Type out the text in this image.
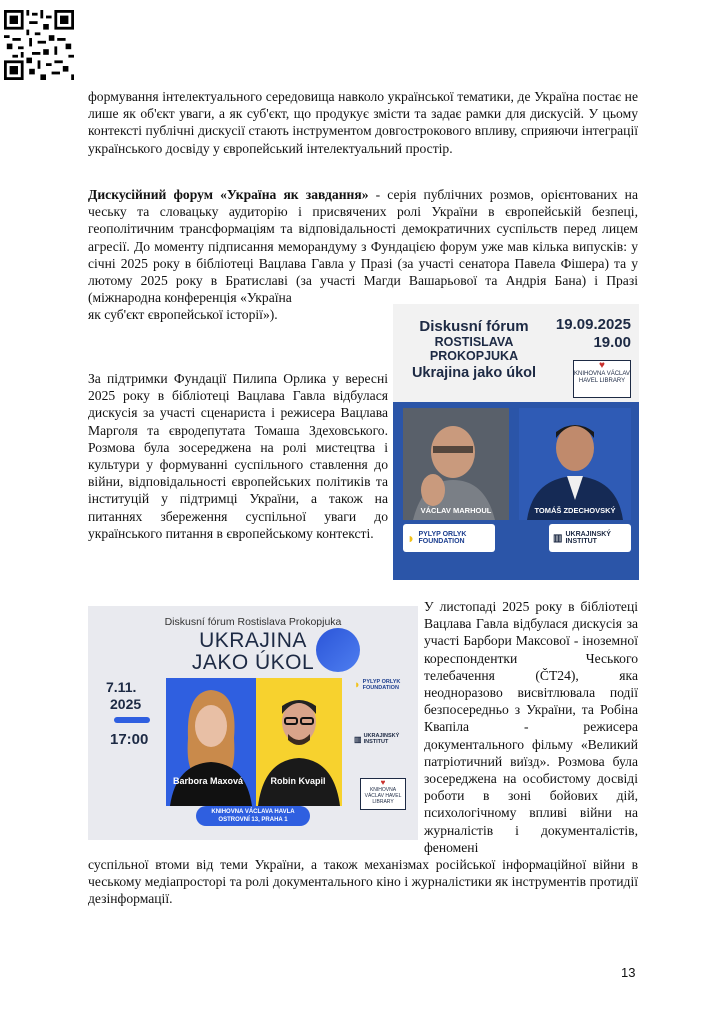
формування інтелектуального середовища навколо української тематики, де Україна постає не лише як об'єкт уваги, а як суб'єкт, що продукує змісти та задає рамки для дискусій. У цьому контексті публічні дискусії стають інструментом довгострокового впливу, сприяючи інтеграції українського досвіду у європейський інтелектуальний простір.

Дискусійний форум «Україна як завдання» - серія публічних розмов, орієнтованих на чеську та словацьку аудиторію і присвячених ролі України в європейській безпеці, геополітичним трансформаціям та відповідальності демократичних суспільств перед лицем агресії. До моменту підписання меморандуму з Фундацією форум уже мав кілька випусків: у січні 2025 року в бібліотеці Вацлава Гавла у Празі (за участі сенатора Павела Фішера) та у лютому 2025 року в Братиславі (за участі Магди Вашарьової та Андрія Бана) і Празі (міжнародна конференція «Україна

як суб'єкт європейської історії»).

За підтримки Фундації Пилипа Орлика у вересні 2025 року в бібліотеці Вацлава Гавла відбулася дискусія за участі сценариста і режисера Вацлава Марголя та євродепутата Томаша Здеховського. Розмова була зосереджена на ролі мистецтва і культури у формуванні суспільного ставлення до війни, відповідальності європейських політиків та інституцій у підтримці України, а також на питаннях збереження суспільної уваги до українського питання в європейському контексті.

Diskusní fórum
ROSTISLAVA
PROKOPJUKA
Ukrajina jako úkol
19.09.2025
19.00
♥
KNIHOVNA VÁCLAV HAVEL LIBRARY
VÁCLAV MARHOUL	TOMÁŠ ZDECHOVSKÝ
◗ PYLYP ORLYK FOUNDATION	▥ UKRAJINSKÝ INSTITUT
Diskusní fórum Rostislava Prokopjuka
UKRAJINA
JAKO ÚKOL
7.11.
2025
17:00
Barbora Maxová	Robin Kvapil
KNIHOVNA VÁCLAVA HAVLA
OSTROVNÍ 13, PRAHA 1
◗ PYLYP ORLYK FOUNDATION
▥ UKRAJINSKÝ INSTITUT
♥
KNIHOVNA VÁCLAV HAVEL LIBRARY

У листопаді 2025 року в бібліотеці Вацлава Гавла відбулася дискусія за участі Барбори Максової - іноземної кореспондентки Чеського телебачення (ČT24), яка неодноразово висвітлювала події безпосередньо з України, та Робіна Квапіла - режисера документального фільму «Великий патріотичний виїзд». Розмова була зосереджена на особистому досвіді роботи в зоні бойових дій, психологічному впливі війни на журналістів і документалістів, феномені

суспільної втоми від теми України, а також механізмах російської інформаційної війни в чеському медіапросторі та ролі документального кіно і журналістики як інструментів протидії дезінформації.

13
